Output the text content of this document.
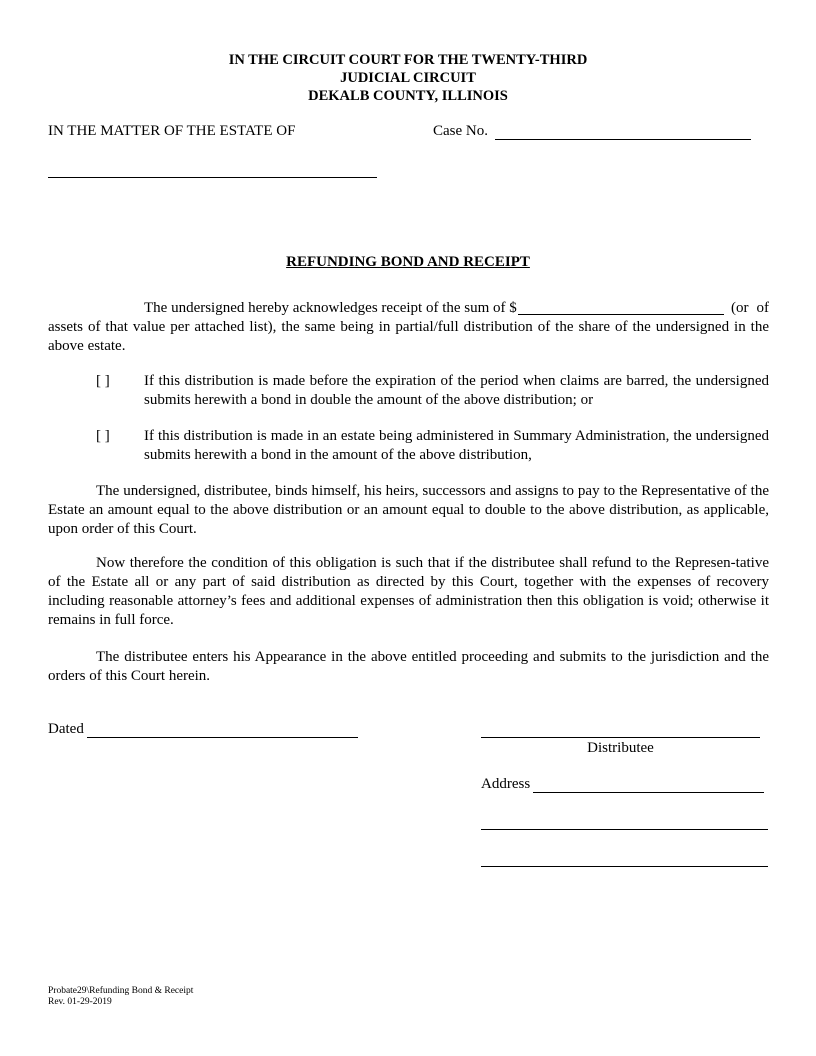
IN THE CIRCUIT COURT FOR THE TWENTY-THIRD
JUDICIAL CIRCUIT
DEKALB COUNTY, ILLINOIS
IN THE MATTER OF THE ESTATE OF	Case No.
REFUNDING BOND AND RECEIPT
The undersigned hereby acknowledges receipt of the sum of $	(or of assets of that value per attached list), the same being in partial/full distribution of the share of the undersigned in the above estate.
[ ] If this distribution is made before the expiration of the period when claims are barred, the undersigned submits herewith a bond in double the amount of the above distribution; or
[ ] If this distribution is made in an estate being administered in Summary Administration, the undersigned submits herewith a bond in the amount of the above distribution,
The undersigned, distributee, binds himself, his heirs, successors and assigns to pay to the Representative of the Estate an amount equal to the above distribution or an amount equal to double to the above distribution, as applicable, upon order of this Court.
Now therefore the condition of this obligation is such that if the distributee shall refund to the Represen-tative of the Estate all or any part of said distribution as directed by this Court, together with the expenses of recovery including reasonable attorney’s fees and additional expenses of administration then this obligation is void; otherwise it remains in full force.
The distributee enters his Appearance in the above entitled proceeding and submits to the jurisdiction and the orders of this Court herein.
Dated
Distributee
Address
Probate29\Refunding Bond & Receipt
Rev. 01-29-2019
